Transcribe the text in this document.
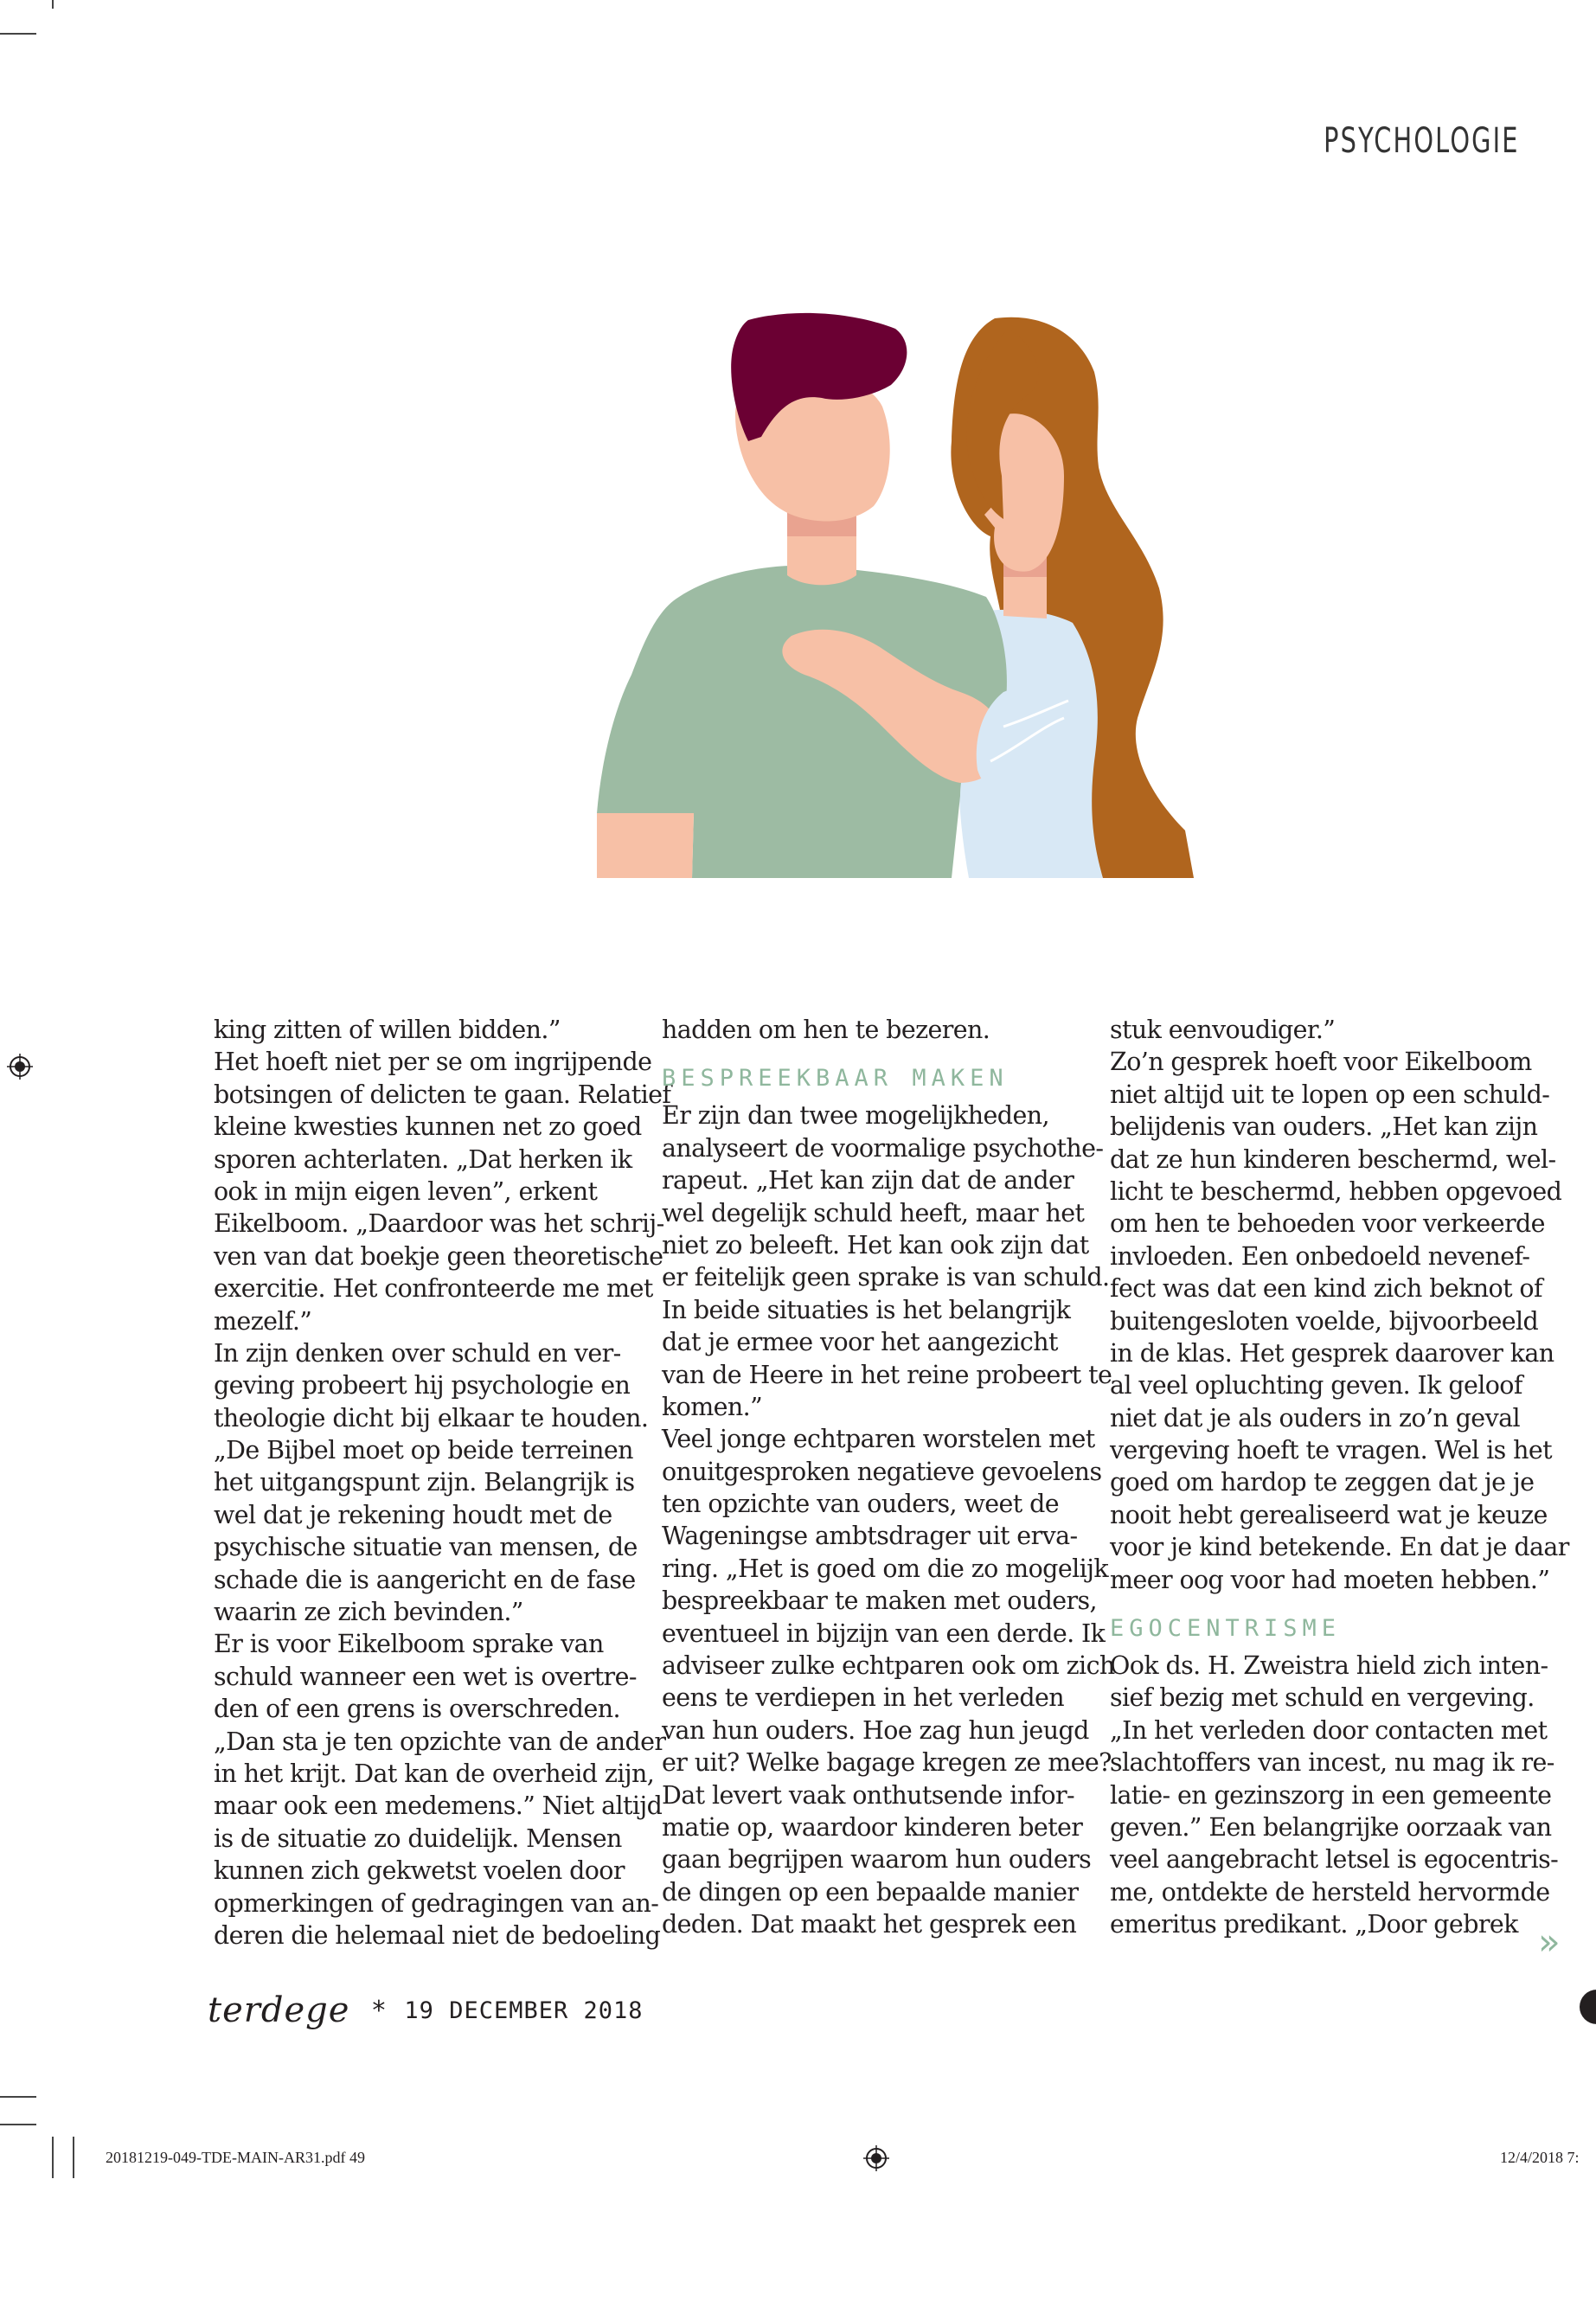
PSYCHOLOGIE
king zitten of willen bidden.”
Het hoeft niet per se om ingrijpende
botsingen of delicten te gaan. Relatief
kleine kwesties kunnen net zo goed
sporen achterlaten. „Dat herken ik
ook in mijn eigen leven”, erkent
Eikelboom. „Daardoor was het schrij-
ven van dat boekje geen theoretische
exercitie. Het confronteerde me met
mezelf.”
In zijn denken over schuld en ver-
geving probeert hij psychologie en
theologie dicht bij elkaar te houden.
„De Bijbel moet op beide terreinen
het uitgangspunt zijn. Belangrijk is
wel dat je rekening houdt met de
psychische situatie van mensen, de
schade die is aangericht en de fase
waarin ze zich bevinden.”
Er is voor Eikelboom sprake van
schuld wanneer een wet is overtre-
den of een grens is overschreden.
„Dan sta je ten opzichte van de ander
in het krijt. Dat kan de overheid zijn,
maar ook een medemens.” Niet altijd
is de situatie zo duidelijk. Mensen
kunnen zich gekwetst voelen door
opmerkingen of gedragingen van an-
deren die helemaal niet de bedoeling
hadden om hen te bezeren.
BESPREEKBAAR MAKEN
Er zijn dan twee mogelijkheden,
analyseert de voormalige psychothe-
rapeut. „Het kan zijn dat de ander
wel degelijk schuld heeft, maar het
niet zo beleeft. Het kan ook zijn dat
er feitelijk geen sprake is van schuld.
In beide situaties is het belangrijk
dat je ermee voor het aangezicht
van de Heere in het reine probeert te
komen.”
Veel jonge echtparen worstelen met
onuitgesproken negatieve gevoelens
ten opzichte van ouders, weet de
Wageningse ambtsdrager uit erva-
ring. „Het is goed om die zo mogelijk
bespreekbaar te maken met ouders,
eventueel in bijzijn van een derde. Ik
adviseer zulke echtparen ook om zich
eens te verdiepen in het verleden
van hun ouders. Hoe zag hun jeugd
er uit? Welke bagage kregen ze mee?
Dat levert vaak onthutsende infor-
matie op, waardoor kinderen beter
gaan begrijpen waarom hun ouders
de dingen op een bepaalde manier
deden. Dat maakt het gesprek een
stuk eenvoudiger.”
Zo’n gesprek hoeft voor Eikelboom
niet altijd uit te lopen op een schuld-
belijdenis van ouders. „Het kan zijn
dat ze hun kinderen beschermd, wel-
licht te beschermd, hebben opgevoed
om hen te behoeden voor verkeerde
invloeden. Een onbedoeld nevenef-
fect was dat een kind zich beknot of
buitengesloten voelde, bijvoorbeeld
in de klas. Het gesprek daarover kan
al veel opluchting geven. Ik geloof
niet dat je als ouders in zo’n geval
vergeving hoeft te vragen. Wel is het
goed om hardop te zeggen dat je je
nooit hebt gerealiseerd wat je keuze
voor je kind betekende. En dat je daar
meer oog voor had moeten hebben.”
EGOCENTRISME
Ook ds. H. Zweistra hield zich inten-
sief bezig met schuld en vergeving.
„In het verleden door contacten met
slachtoffers van incest, nu mag ik re-
latie- en gezinszorg in een gemeente
geven.” Een belangrijke oorzaak van
veel aangebracht letsel is egocentris-
me, ontdekte de hersteld hervormde
emeritus predikant. „Door gebrek »
terdege * 19 DECEMBER 2018
20181219-049-TDE-MAIN-AR31.pdf 49	12/4/2018 7:
